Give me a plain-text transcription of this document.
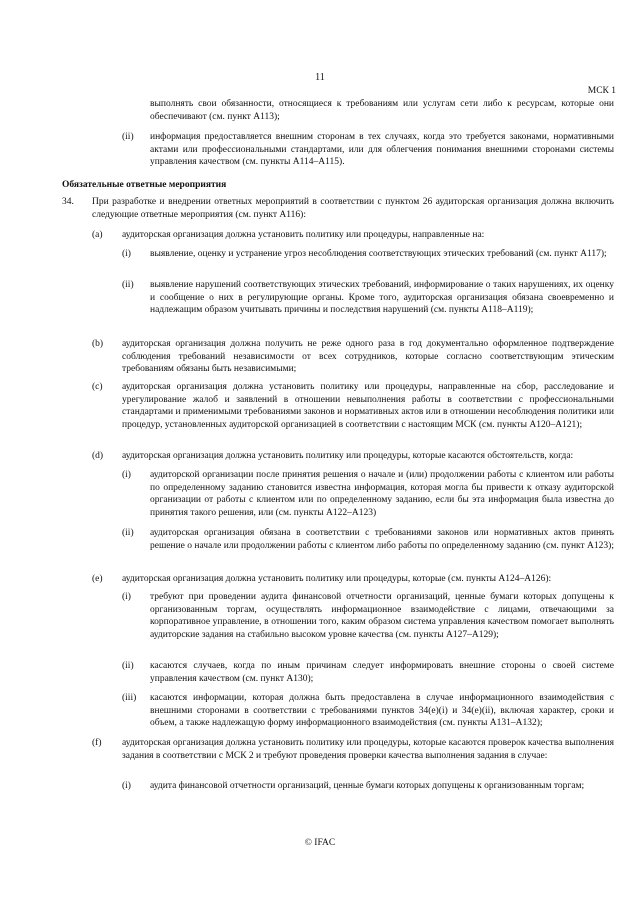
11
МСК 1

выполнять свои обязанности, относящиеся к требованиям или услугам сети либо к ресурсам, которые они обеспечивают (см. пункт A113);

(ii) информация предоставляется внешним сторонам в тех случаях, когда это требуется законами, нормативными актами или профессиональными стандартами, или для облегчения понимания внешними сторонами системы управления качеством (см. пункты A114–A115).

Обязательные ответные мероприятия
34. При разработке и внедрении ответных мероприятий в соответствии с пунктом 26 аудиторская организация должна включить следующие ответные мероприятия (см. пункт A116):

(a) аудиторская организация должна установить политику или процедуры, направленные на:

(i) выявление, оценку и устранение угроз несоблюдения соответствующих этических требований (см. пункт A117);

(ii) выявление нарушений соответствующих этических требований, информирование о таких нарушениях, их оценку и сообщение о них в регулирующие органы. Кроме того, аудиторская организация обязана своевременно и надлежащим образом учитывать причины и последствия нарушений (см. пункты A118–A119);

(b) аудиторская организация должна получить не реже одного раза в год документально оформленное подтверждение соблюдения требований независимости от всех сотрудников, которые согласно соответствующим этическим требованиям обязаны быть независимыми;

(c) аудиторская организация должна установить политику или процедуры, направленные на сбор, расследование и урегулирование жалоб и заявлений в отношении невыполнения работы в соответствии с профессиональными стандартами и применимыми требованиями законов и нормативных актов или в отношении несоблюдения политики или процедур, установленных аудиторской организацией в соответствии с настоящим МСК (см. пункты A120–A121);

(d) аудиторская организация должна установить политику или процедуры, которые касаются обстоятельств, когда:

(i) аудиторской организации после принятия решения о начале и (или) продолжении работы с клиентом или работы по определенному заданию становится известна информация, которая могла бы привести к отказу аудиторской организации от работы с клиентом или по определенному заданию, если бы эта информация была известна до принятия такого решения, или (см. пункты A122–A123)

(ii) аудиторская организация обязана в соответствии с требованиями законов или нормативных актов принять решение о начале или продолжении работы с клиентом либо работы по определенному заданию (см. пункт A123);

(e) аудиторская организация должна установить политику или процедуры, которые (см. пункты A124–A126):

(i) требуют при проведении аудита финансовой отчетности организаций, ценные бумаги которых допущены к организованным торгам, осуществлять информационное взаимодействие с лицами, отвечающими за корпоративное управление, в отношении того, каким образом система управления качеством помогает выполнять аудиторские задания на стабильно высоком уровне качества (см. пункты A127–A129);

(ii) касаются случаев, когда по иным причинам следует информировать внешние стороны о своей системе управления качеством (см. пункт A130);

(iii) касаются информации, которая должна быть предоставлена в случае информационного взаимодействия с внешними сторонами в соответствии с требованиями пунктов 34(e)(i) и 34(e)(ii), включая характер, сроки и объем, а также надлежащую форму информационного взаимодействия (см. пункты A131–A132);

(f) аудиторская организация должна установить политику или процедуры, которые касаются проверок качества выполнения задания в соответствии с МСК 2 и требуют проведения проверки качества выполнения задания в случае:

(i) аудита финансовой отчетности организаций, ценные бумаги которых допущены к организованным торгам;

© IFAC
